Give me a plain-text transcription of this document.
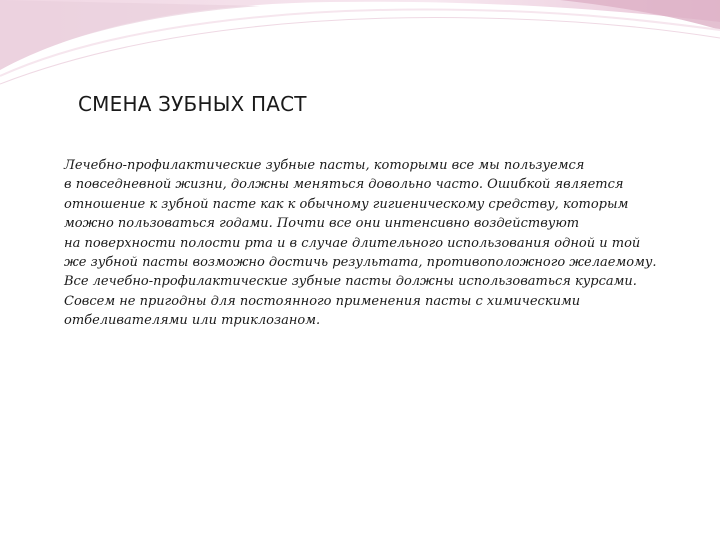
СМЕНА ЗУБНЫХ ПАСТ

Лечебно-профилактические зубные пасты, которыми все мы пользуемся
в повседневной жизни, должны меняться довольно часто. Ошибкой является
отношение к зубной пасте как к обычному гигиеническому средству, которым
можно пользоваться годами. Почти все они интенсивно воздействуют
на поверхности полости рта и в случае длительного использования одной и той
же зубной пасты возможно достичь результата, противоположного желаемому.
Все лечебно-профилактические зубные пасты должны использоваться курсами.
Совсем не пригодны для постоянного применения пасты с химическими
отбеливателями или триклозаном.
